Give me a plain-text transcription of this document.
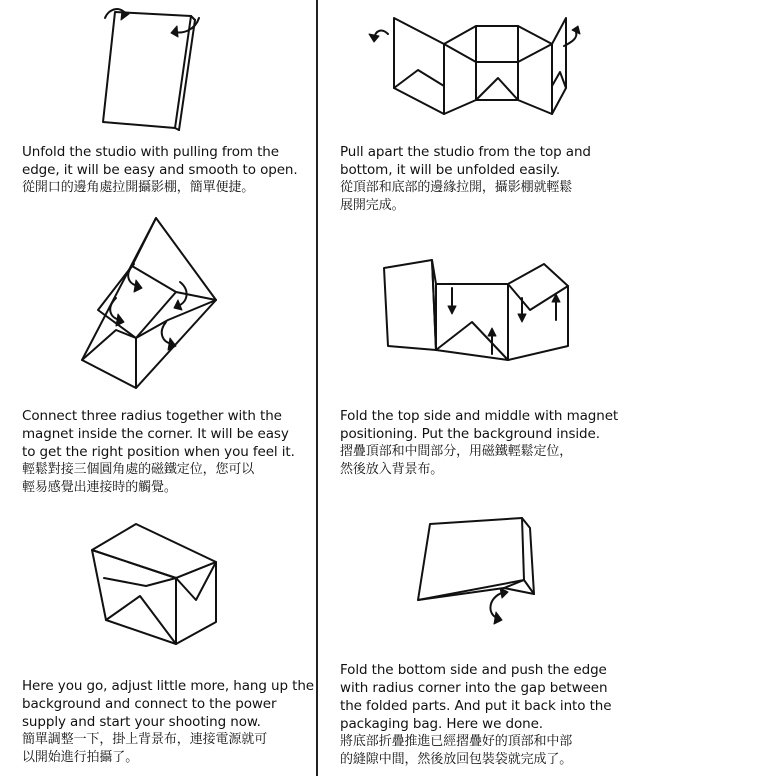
Unfold the studio with pulling from the
edge, it will be easy and smooth to open.
從開口的邊角處拉開攝影棚，簡單便捷。
Pull apart the studio from the top and
bottom, it will be unfolded easily.
從頂部和底部的邊緣拉開，攝影棚就輕鬆
展開完成。
Connect three radius together with the
magnet inside the corner. It will be easy
to get the right position when you feel it.
輕鬆對接三個圓角處的磁鐵定位，您可以
輕易感覺出連接時的觸覺。
Fold the top side and middle with magnet
positioning. Put the background inside.
摺疊頂部和中間部分，用磁鐵輕鬆定位，
然後放入背景布。
Here you go, adjust little more, hang up the
background and connect to the power
supply and start your shooting now.
簡單調整一下，掛上背景布，連接電源就可
以開始進行拍攝了。
Fold the bottom side and push the edge
with radius corner into the gap between
the folded parts. And put it back into the
packaging bag. Here we done.
將底部折疊推進已經摺疊好的頂部和中部
的縫隙中間，然後放回包裝袋就完成了。
